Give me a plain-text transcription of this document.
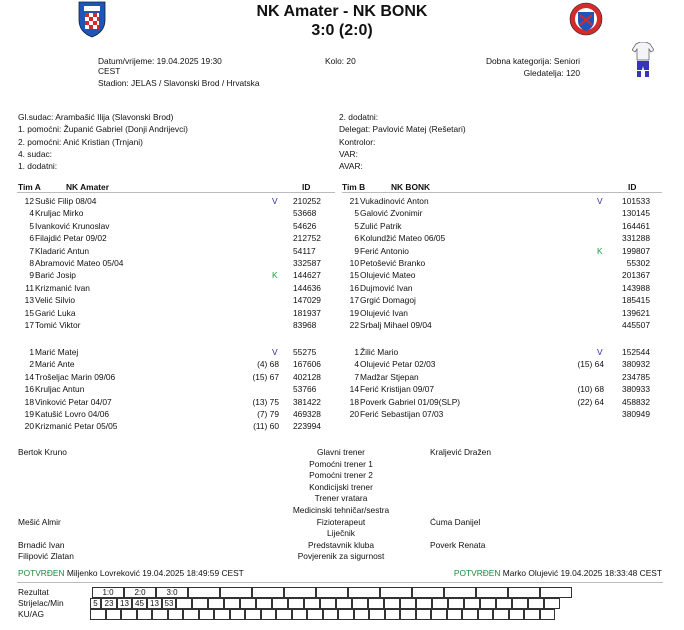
NK Amater - NK BONK
3:0 (2:0)
Datum/vrijeme: 19.04.2025 19:30
CEST
Stadion: JELAS / Slavonski Brod / Hrvatska
Kolo: 20	Dobna kategorija: Seniori
Gledatelja: 120
Gl.sudac: Arambašić Ilija (Slavonski Brod)
1. pomoćni: Županić Gabriel (Donji Andrijevci)
2. pomoćni: Anić Kristian (Trnjani)
4. sudac:
1. dodatni:
2. dodatni:
Delegat: Pavlović Matej (Rešetari)
Kontrolor:
VAR:
AVAR:
Tim A	NK Amater	ID	Tim B	NK BONK	ID
12 Sušić Filip 08/04	V 210252
4 Kruljac Mirko	53668
5 Ivanković Krunoslav	54626
6 Filajdić Petar 09/02	212752
7 Kladarić Antun	54117
8 Abramović Mateo 05/04	332587
9 Barić Josip	K 144627
11 Krizmanić Ivan	144636
13 Velić Silvio	147029
15 Garić Luka	181937
17 Tomić Viktor	83968
1 Marić Matej	V 55275
2 Marić Ante	(4) 68 167606
14 Trošeljac Marin 09/06	(15) 67 402128
16 Kruljac Antun	53766
18 Vinković Petar 04/07	(13) 75 381422
19 Katušić Lovro 04/06	(7) 79 469328
20 Krizmanić Petar 05/05	(11) 60 223994
21 Vukadinović Anton	V 101533
5 Galović Zvonimir	130145
5 Zulić Patrik	164461
6 Kolundžić Mateo 06/05	331288
9 Ferić Antonio	K 199807
10 Petošević Branko	55302
15 Olujević Mateo	201367
16 Dujmović Ivan	143988
17 Grgić Domagoj	185415
19 Olujević Ivan	139621
22 Srbalj Mihael 09/04	445507
1 Žilić Mario	V 152544
4 Olujević Petar 02/03	(15) 64 380932
7 Madžar Stjepan	234785
14 Ferić Kristijan 09/07	(10) 68 380933
18 Poverk Gabriel 01/09(SLP)	(22) 64 458832
20 Ferić Sebastijan 07/03	380949
Bertok Kruno	Glavni trener	Kraljević Dražen
Pomoćni trener 1
Pomoćni trener 2
Kondicijski trener
Trener vratara
Medicinski tehničar/sestra
Mešić Almir	Fizioterapeut	Ćuma Danijel
Liječnik
Brnadić Ivan	Predstavnik kluba	Poverk Renata
Filipović Zlatan	Povjerenik za sigurnost
POTVRĐEN Miljenko Lovreković 19.04.2025 18:49:59 CEST	POTVRĐEN Marko Olujević 19.04.2025 18:33:48 CEST
Rezultat
Strijelac/Min
KU/AG
1:0	2:0	3:0
5 23 13 45 13 53
